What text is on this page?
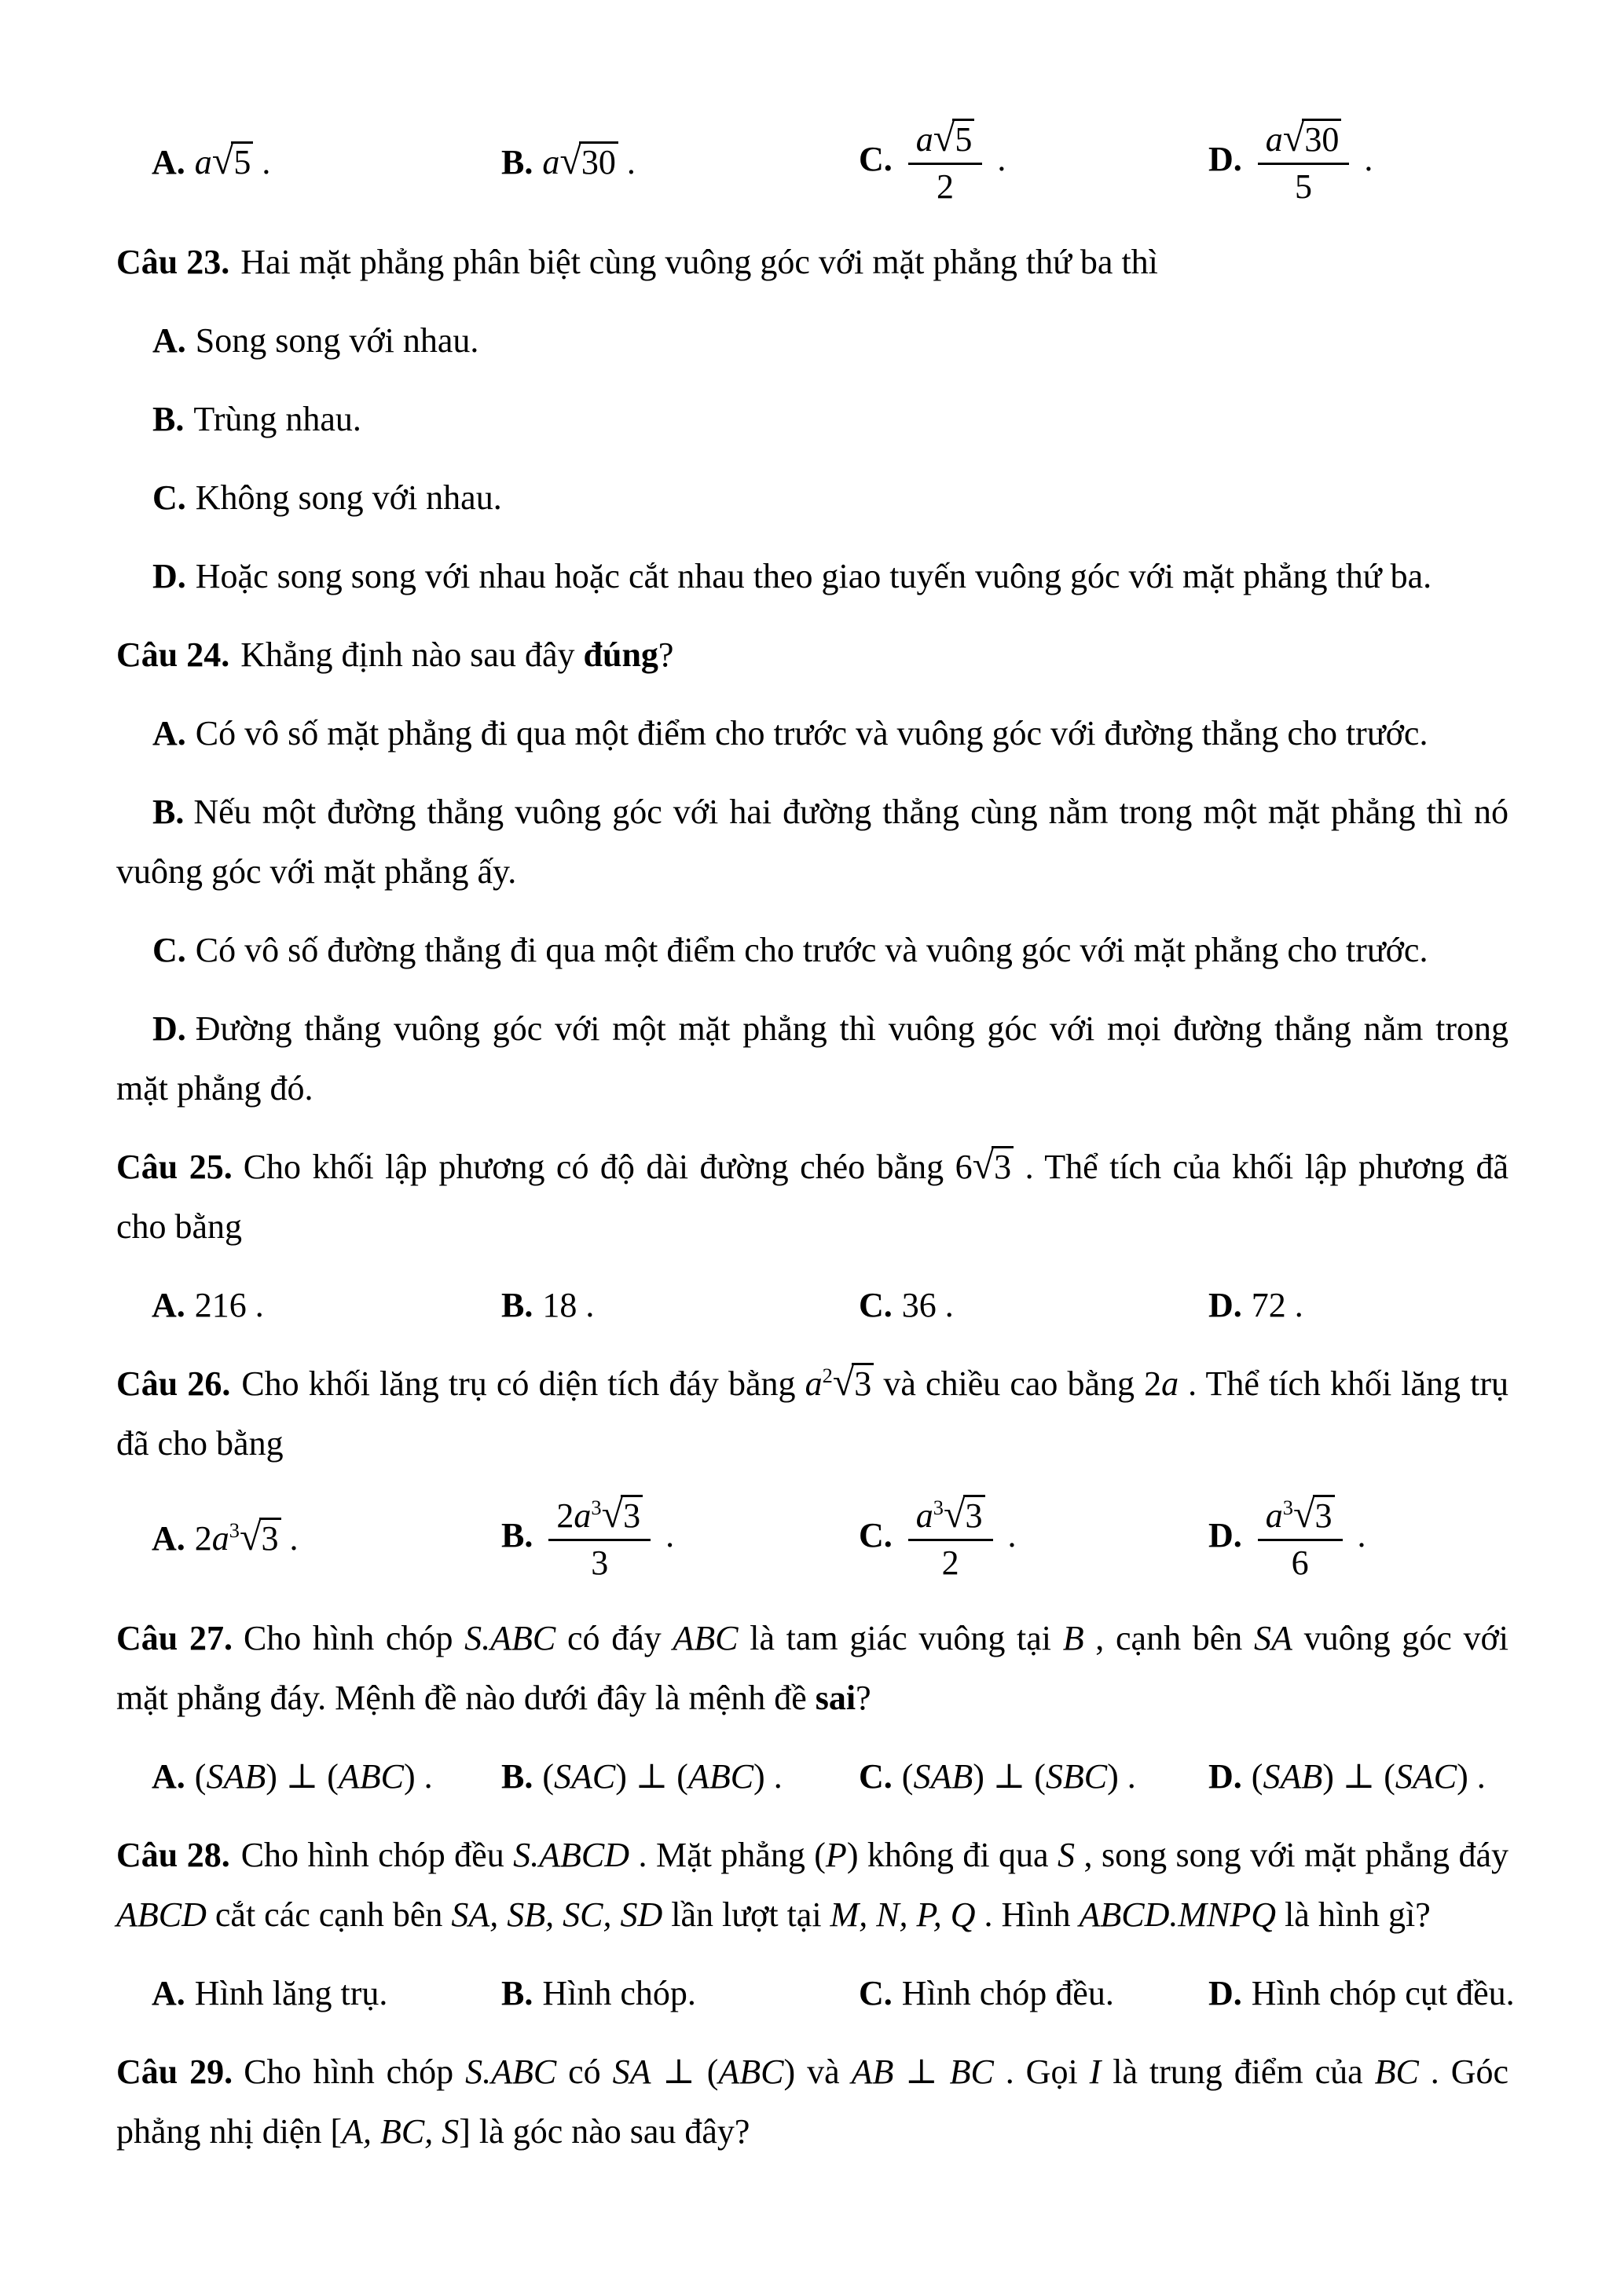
A. a√5 .	B. a√30 .	C. $\frac{a√5}{2}$ .	D. $\frac{a√30}{5}$ .

Câu 23. Hai mặt phẳng phân biệt cùng vuông góc với mặt phẳng thứ ba thì

A. Song song với nhau.

B. Trùng nhau.

C. Không song với nhau.

D. Hoặc song song với nhau hoặc cắt nhau theo giao tuyến vuông góc với mặt phẳng thứ ba.

Câu 24. Khẳng định nào sau đây đúng?

A. Có vô số mặt phẳng đi qua một điểm cho trước và vuông góc với đường thẳng cho trước.

B. Nếu một đường thẳng vuông góc với hai đường thẳng cùng nằm trong một mặt phẳng thì nó vuông góc với mặt phẳng ấy.

C. Có vô số đường thẳng đi qua một điểm cho trước và vuông góc với mặt phẳng cho trước.

D. Đường thẳng vuông góc với một mặt phẳng thì vuông góc với mọi đường thẳng nằm trong mặt phẳng đó.

Câu 25. Cho khối lập phương có độ dài đường chéo bằng 6√3 . Thể tích của khối lập phương đã cho bằng

A. 216 .	B. 18 .	C. 36 .	D. 72 .

Câu 26. Cho khối lăng trụ có diện tích đáy bằng $a^2√3$ và chiều cao bằng 2a . Thể tích khối lăng trụ đã cho bằng

A. $2a^3√3$ .	B. $\frac{2a^3√3}{3}$ .	C. $\frac{a^3√3}{2}$ .	D. $\frac{a^3√3}{6}$ .

Câu 27. Cho hình chóp S.ABC có đáy ABC là tam giác vuông tại B , cạnh bên SA vuông góc với mặt phẳng đáy. Mệnh đề nào dưới đây là mệnh đề sai?

A. (SAB) ⊥ (ABC) .	B. (SAC) ⊥ (ABC) .	C. (SAB) ⊥ (SBC) .	D. (SAB) ⊥ (SAC) .

Câu 28. Cho hình chóp đều S.ABCD . Mặt phẳng (P) không đi qua S , song song với mặt phẳng đáy ABCD cắt các cạnh bên SA, SB, SC, SD lần lượt tại M, N, P, Q . Hình ABCD.MNPQ là hình gì?

A. Hình lăng trụ.	B. Hình chóp.	C. Hình chóp đều.	D. Hình chóp cụt đều.

Câu 29. Cho hình chóp S.ABC có SA ⊥ (ABC) và AB ⊥ BC . Gọi I là trung điểm của BC . Góc phẳng nhị diện [A, BC, S] là góc nào sau đây?
